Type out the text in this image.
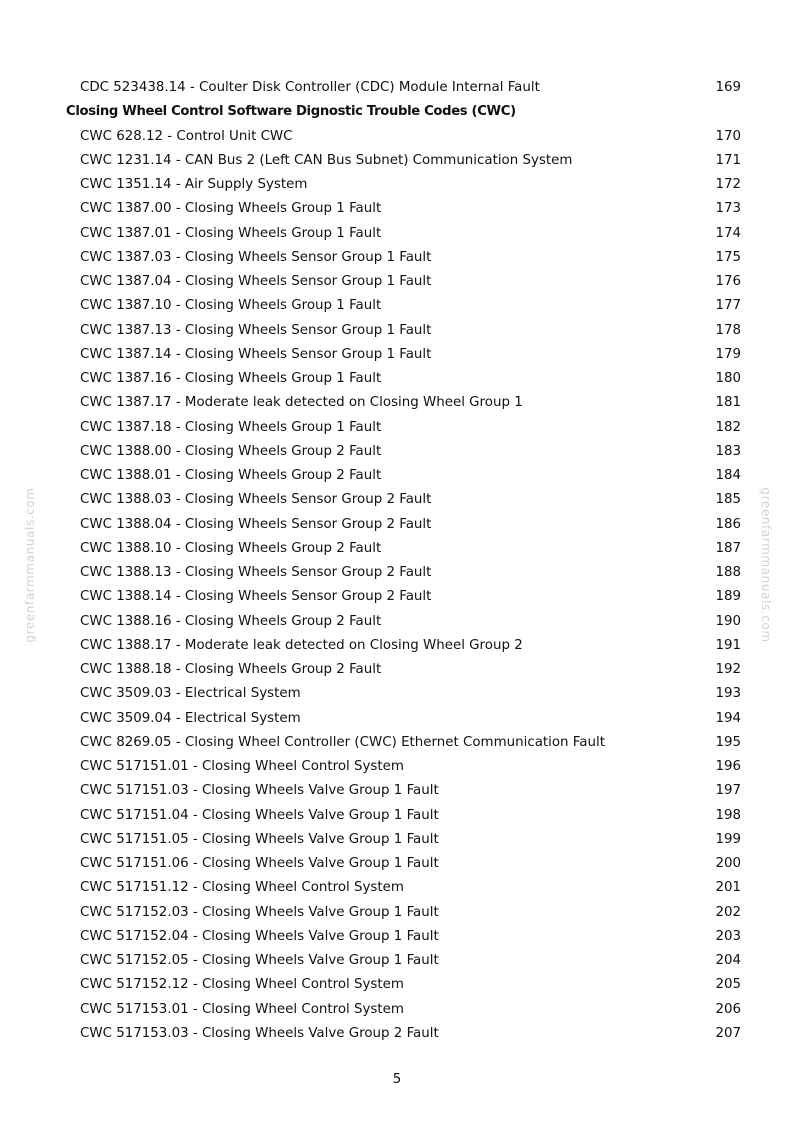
greenfarmmanuals.com	greenfarmmanuals.com
CDC 523438.14 - Coulter Disk Controller (CDC) Module Internal Fault	169
Closing Wheel Control Software Dignostic Trouble Codes (CWC)
CWC 628.12 - Control Unit CWC	170
CWC 1231.14 - CAN Bus 2 (Left CAN Bus Subnet) Communication System	171
CWC 1351.14 - Air Supply System	172
CWC 1387.00 - Closing Wheels Group 1 Fault	173
CWC 1387.01 - Closing Wheels Group 1 Fault	174
CWC 1387.03 - Closing Wheels Sensor Group 1 Fault	175
CWC 1387.04 - Closing Wheels Sensor Group 1 Fault	176
CWC 1387.10 - Closing Wheels Group 1 Fault	177
CWC 1387.13 - Closing Wheels Sensor Group 1 Fault	178
CWC 1387.14 - Closing Wheels Sensor Group 1 Fault	179
CWC 1387.16 - Closing Wheels Group 1 Fault	180
CWC 1387.17 - Moderate leak detected on Closing Wheel Group 1	181
CWC 1387.18 - Closing Wheels Group 1 Fault	182
CWC 1388.00 - Closing Wheels Group 2 Fault	183
CWC 1388.01 - Closing Wheels Group 2 Fault	184
CWC 1388.03 - Closing Wheels Sensor Group 2 Fault	185
CWC 1388.04 - Closing Wheels Sensor Group 2 Fault	186
CWC 1388.10 - Closing Wheels Group 2 Fault	187
CWC 1388.13 - Closing Wheels Sensor Group 2 Fault	188
CWC 1388.14 - Closing Wheels Sensor Group 2 Fault	189
CWC 1388.16 - Closing Wheels Group 2 Fault	190
CWC 1388.17 - Moderate leak detected on Closing Wheel Group 2	191
CWC 1388.18 - Closing Wheels Group 2 Fault	192
CWC 3509.03 - Electrical System	193
CWC 3509.04 - Electrical System	194
CWC 8269.05 - Closing Wheel Controller (CWC) Ethernet Communication Fault	195
CWC 517151.01 - Closing Wheel Control System	196
CWC 517151.03 - Closing Wheels Valve Group 1 Fault	197
CWC 517151.04 - Closing Wheels Valve Group 1 Fault	198
CWC 517151.05 - Closing Wheels Valve Group 1 Fault	199
CWC 517151.06 - Closing Wheels Valve Group 1 Fault	200
CWC 517151.12 - Closing Wheel Control System	201
CWC 517152.03 - Closing Wheels Valve Group 1 Fault	202
CWC 517152.04 - Closing Wheels Valve Group 1 Fault	203
CWC 517152.05 - Closing Wheels Valve Group 1 Fault	204
CWC 517152.12 - Closing Wheel Control System	205
CWC 517153.01 - Closing Wheel Control System	206
CWC 517153.03 - Closing Wheels Valve Group 2 Fault	207
5
